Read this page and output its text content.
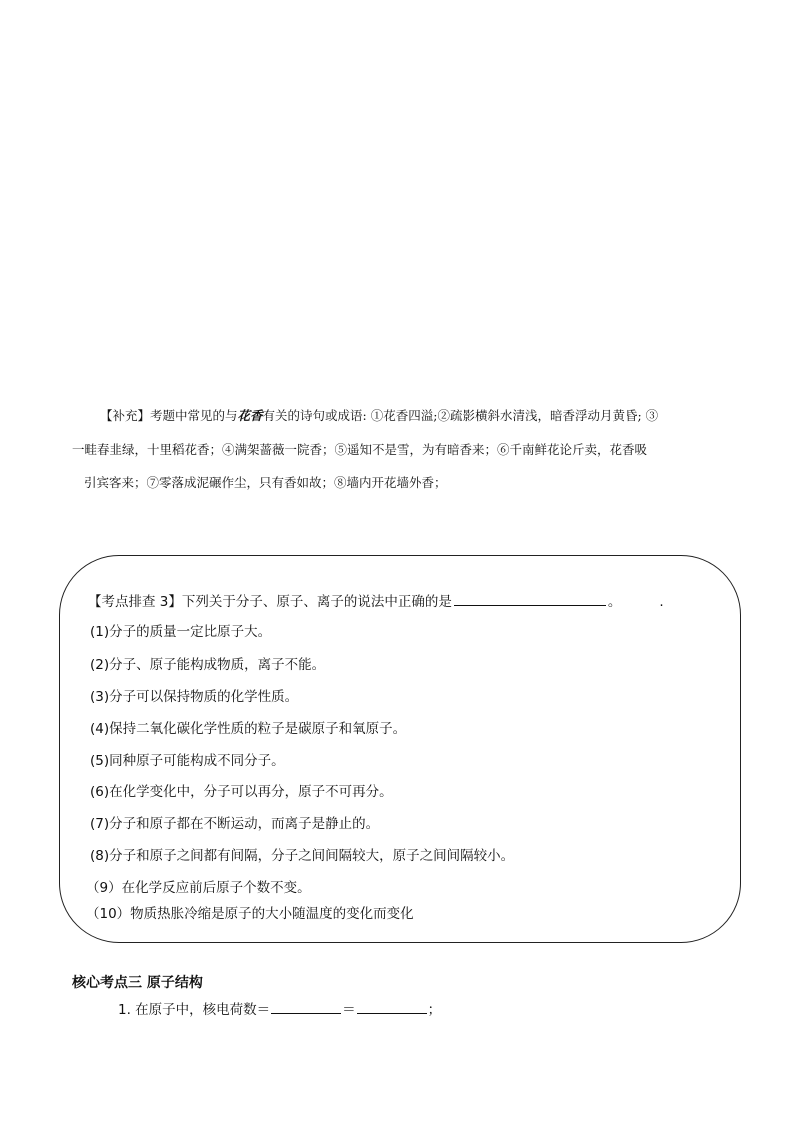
【补充】考题中常见的与花香有关的诗句或成语: ①花香四溢;②疏影横斜水清浅，暗香浮动月黄昏; ③
一畦春韭绿，十里稻花香；④满架蔷薇一院香；⑤遥知不是雪，为有暗香来；⑥千南鲜花论斤卖，花香吸
引宾客来；⑦零落成泥碾作尘，只有香如故；⑧墙内开花墙外香；
【考点排查 3】下列关于分子、原子、离子的说法中正确的是	。	.
(1)分子的质量一定比原子大。
(2)分子、原子能构成物质，离子不能。
(3)分子可以保持物质的化学性质。
(4)保持二氧化碳化学性质的粒子是碳原子和氧原子。
(5)同种原子可能构成不同分子。
(6)在化学变化中，分子可以再分，原子不可再分。
(7)分子和原子都在不断运动，而离子是静止的。
(8)分子和原子之间都有间隔，分子之间间隔较大，原子之间间隔较小。
（9）在化学反应前后原子个数不变。
（10）物质热胀冷缩是原子的大小随温度的变化而变化
核心考点三 原子结构
1. 在原子中，核电荷数＝	＝	；
